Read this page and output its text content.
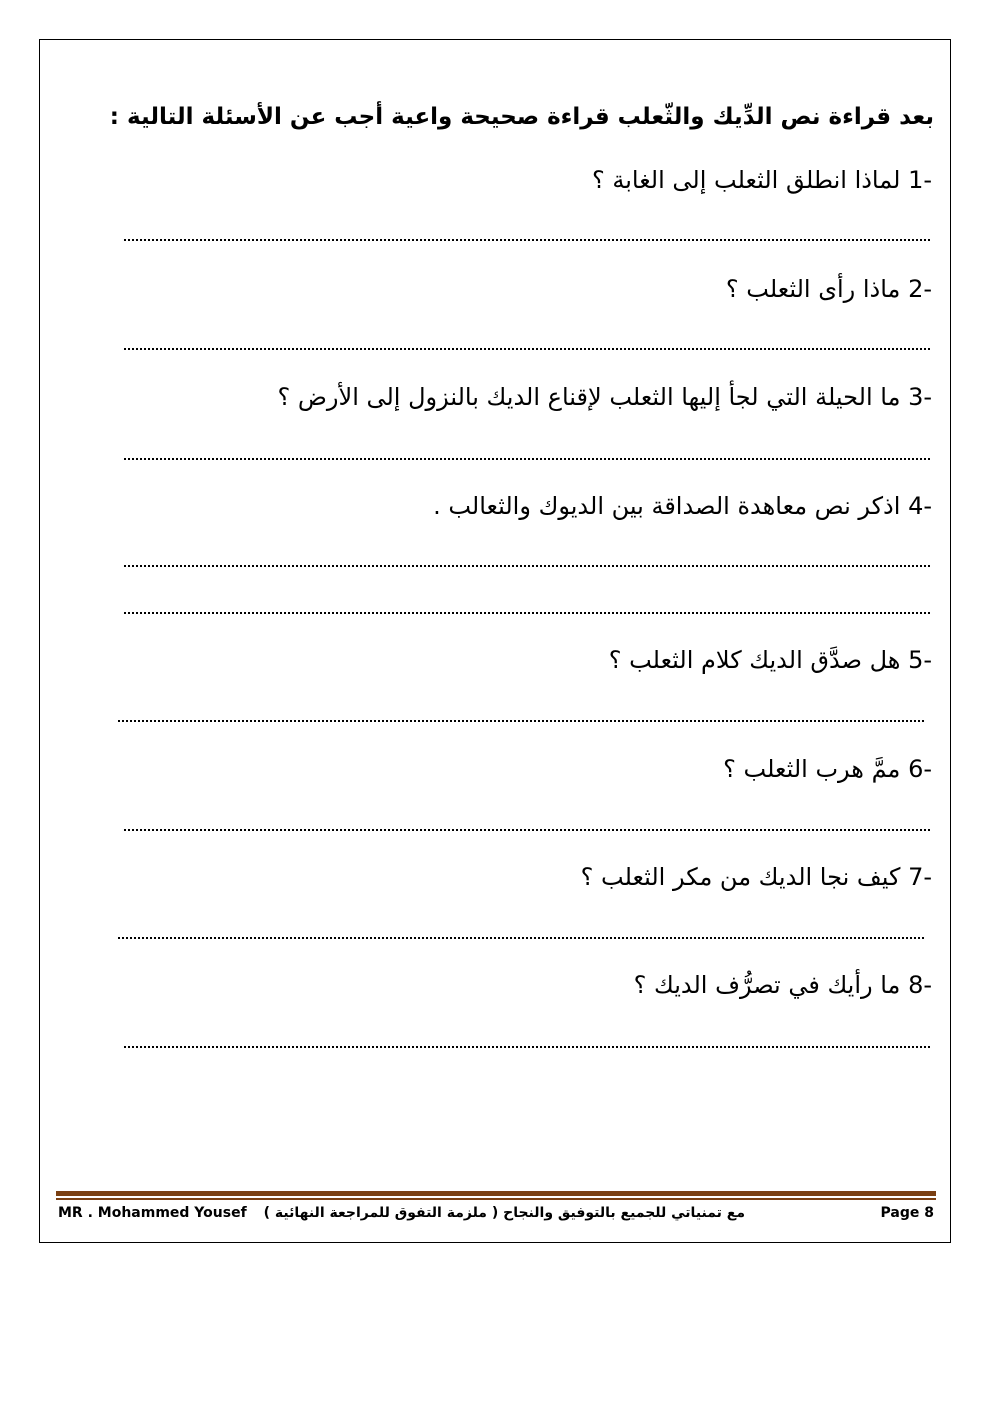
بعد قراءة نص الدِّيك والثّعلب قراءة صحيحة واعية أجب عن الأسئلة التالية :
1- لماذا انطلق الثعلب إلى الغابة ؟
2- ماذا رأى الثعلب ؟
3- ما الحيلة التي لجأ إليها الثعلب لإقناع الديك بالنزول إلى الأرض ؟
4- اذكر نص معاهدة الصداقة بين الديوك والثعالب .
5- هل صدَّق الديك كلام الثعلب ؟
6- ممَّ هرب الثعلب ؟
7- كيف نجا الديك من مكر الثعلب ؟
8- ما رأيك في تصرُّف الديك ؟
MR . Mohammed Yousef مع تمنياتي للجميع بالتوفيق والنجاح ( ملزمة التفوق للمراجعة النهائية )	Page 8
